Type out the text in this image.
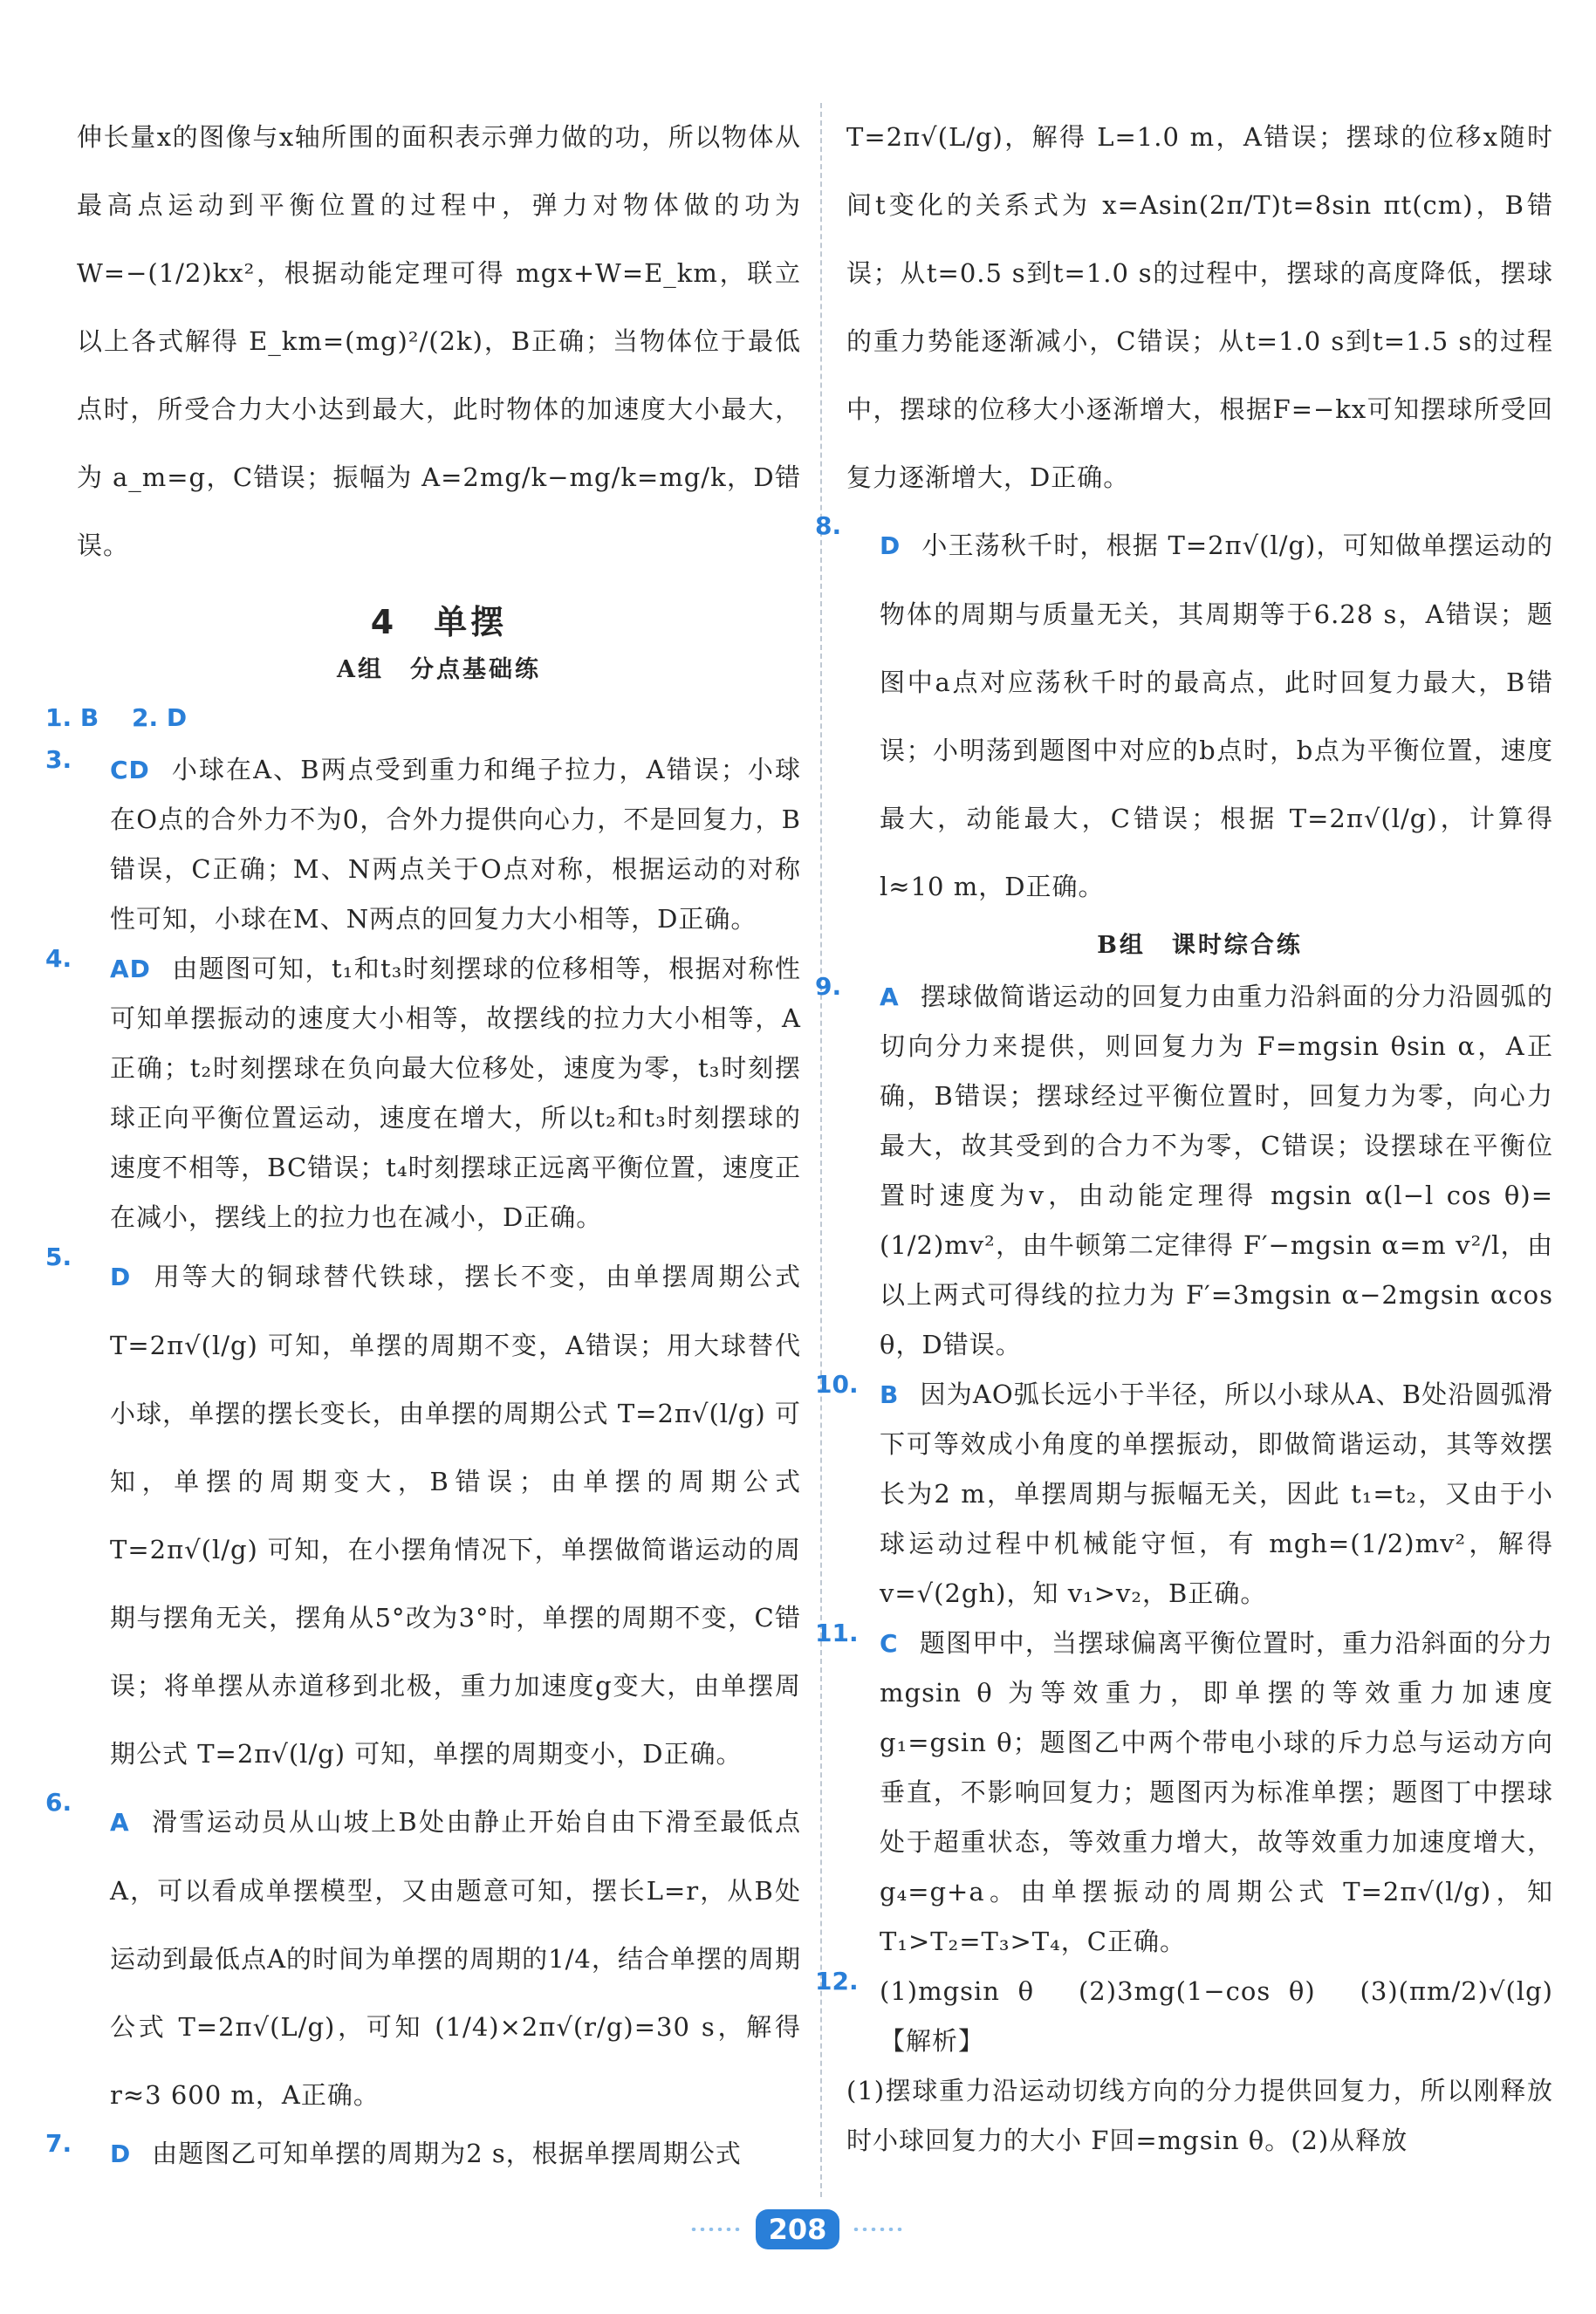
伸长量x的图像与x轴所围的面积表示弹力做的功，所以物体从最高点运动到平衡位置的过程中，弹力对物体做的功为 W=−(1/2)kx²，根据动能定理可得 mgx+W=E_km，联立以上各式解得 E_km=(mg)²/(2k)，B正确；当物体位于最低点时，所受合力大小达到最大，此时物体的加速度大小最大，为 a_m=g，C错误；振幅为 A=2mg/k−mg/k=mg/k，D错误。

4　单摆
A组　分点基础练
1. B 2. D
3. CD 小球在A、B两点受到重力和绳子拉力，A错误；小球在O点的合外力不为0，合外力提供向心力，不是回复力，B错误，C正确；M、N两点关于O点对称，根据运动的对称性可知，小球在M、N两点的回复力大小相等，D正确。

4. AD 由题图可知，t₁和t₃时刻摆球的位移相等，根据对称性可知单摆振动的速度大小相等，故摆线的拉力大小相等，A正确；t₂时刻摆球在负向最大位移处，速度为零，t₃时刻摆球正向平衡位置运动，速度在增大，所以t₂和t₃时刻摆球的速度不相等，BC错误；t₄时刻摆球正远离平衡位置，速度正在减小，摆线上的拉力也在减小，D正确。

5.

D 用等大的铜球替代铁球，摆长不变，由单摆周期公式 T=2π√(l/g) 可知，单摆的周期不变，A错误；用大球替代小球，单摆的摆长变长，由单摆的周期公式 T=2π√(l/g) 可知，单摆的周期变大，B错误；由单摆的周期公式 T=2π√(l/g) 可知，在小摆角情况下，单摆做简谐运动的周期与摆角无关，摆角从5°改为3°时，单摆的周期不变，C错误；将单摆从赤道移到北极，重力加速度g变大，由单摆周期公式 T=2π√(l/g) 可知，单摆的周期变小，D正确。

6.

A 滑雪运动员从山坡上B处由静止开始自由下滑至最低点A，可以看成单摆模型，又由题意可知，摆长L=r，从B处运动到最低点A的时间为单摆的周期的1/4，结合单摆的周期公式 T=2π√(L/g)，可知 (1/4)×2π√(r/g)=30 s，解得 r≈3 600 m，A正确。

7. D 由题图乙可知单摆的周期为2 s，根据单摆周期公式

T=2π√(L/g)，解得 L=1.0 m，A错误；摆球的位移x随时间t变化的关系式为 x=Asin(2π/T)t=8sin πt(cm)，B错误；从t=0.5 s到t=1.0 s的过程中，摆球的高度降低，摆球的重力势能逐渐减小，C错误；从t=1.0 s到t=1.5 s的过程中，摆球的位移大小逐渐增大，根据F=−kx可知摆球所受回复力逐渐增大，D正确。

8.

D 小王荡秋千时，根据 T=2π√(l/g)，可知做单摆运动的物体的周期与质量无关，其周期等于6.28 s，A错误；题图中a点对应荡秋千时的最高点，此时回复力最大，B错误；小明荡到题图中对应的b点时，b点为平衡位置，速度最大，动能最大，C错误；根据 T=2π√(l/g)，计算得 l≈10 m，D正确。

B组　课时综合练
9. A 摆球做简谐运动的回复力由重力沿斜面的分力沿圆弧的切向分力来提供，则回复力为 F=mgsin θsin α，A正确，B错误；摆球经过平衡位置时，回复力为零，向心力最大，故其受到的合力不为零，C错误；设摆球在平衡位置时速度为v，由动能定理得 mgsin α(l−l cos θ)=(1/2)mv²，由牛顿第二定律得 F′−mgsin α=m v²/l，由以上两式可得线的拉力为 F′=3mgsin α−2mgsin αcos θ，D错误。

10. B 因为AO弧长远小于半径，所以小球从A、B处沿圆弧滑下可等效成小角度的单摆振动，即做简谐运动，其等效摆长为2 m，单摆周期与振幅无关，因此 t₁=t₂，又由于小球运动过程中机械能守恒，有 mgh=(1/2)mv²，解得 v=√(2gh)，知 v₁>v₂，B正确。

11. C 题图甲中，当摆球偏离平衡位置时，重力沿斜面的分力 mgsin θ 为等效重力，即单摆的等效重力加速度 g₁=gsin θ；题图乙中两个带电小球的斥力总与运动方向垂直，不影响回复力；题图丙为标准单摆；题图丁中摆球处于超重状态，等效重力增大，故等效重力加速度增大，g₄=g+a。由单摆振动的周期公式 T=2π√(l/g)，知 T₁>T₂=T₃>T₄，C正确。

12. (1)mgsin θ　(2)3mg(1−cos θ)　(3)(πm/2)√(lg)　【解析】

(1)摆球重力沿运动切线方向的分力提供回复力，所以刚释放时小球回复力的大小 F回=mgsin θ。(2)从释放

208
